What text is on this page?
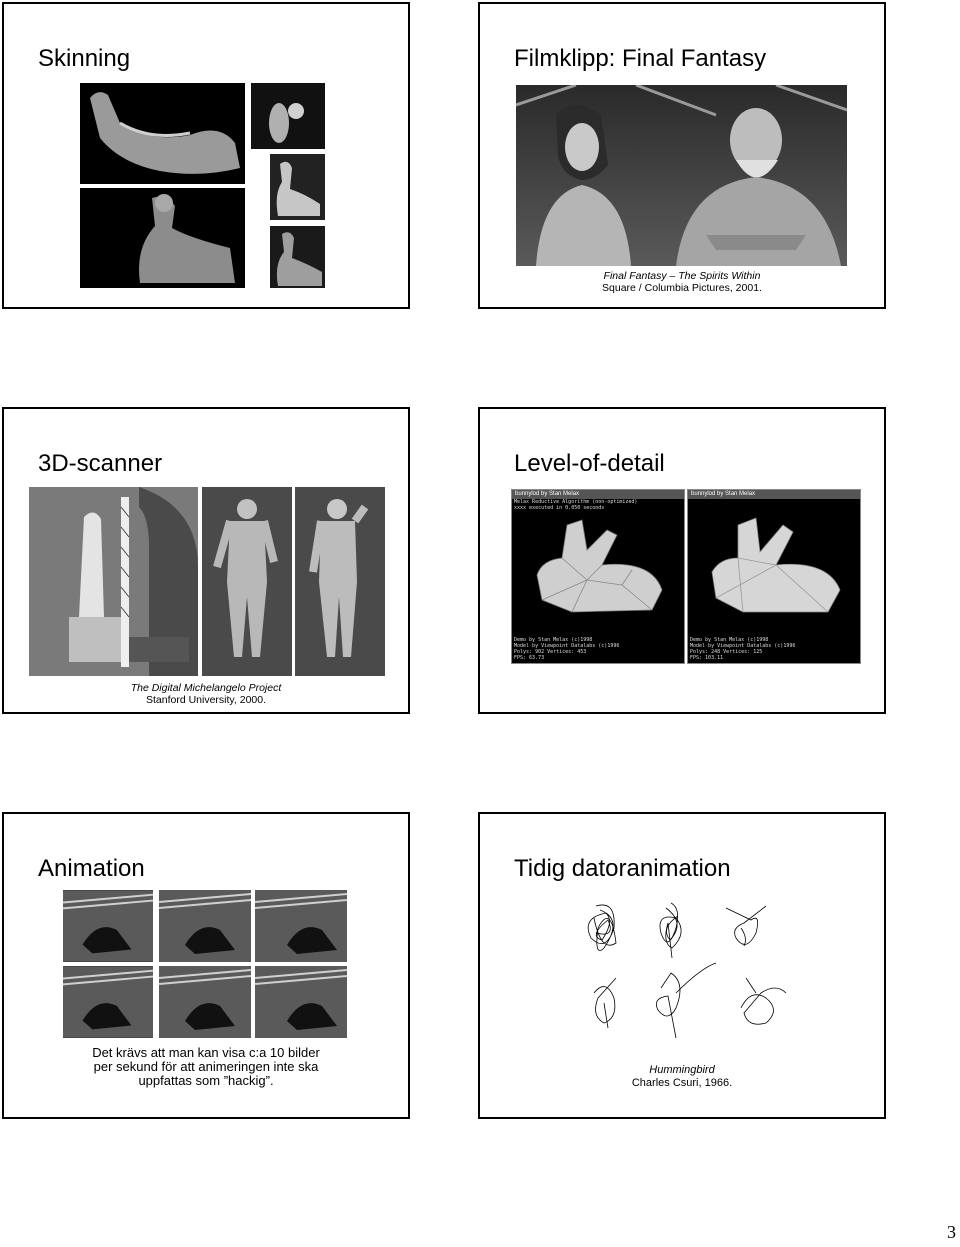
Skinning	Filmklipp: Final Fantasy
Final Fantasy – The Spirits Within
Square / Columbia Pictures, 2001.
3D-scanner
The Digital Michelangelo Project
Stanford University, 2000.
Level-of-detail
bunnylod by Stan Melax
Melax Reductive Algorithm (non-optimized)
xxxx executed in 0.050 seconds
Demo by Stan Melax (c)1998
Model by Viewpoint Datalabs (c)1996
Polys: 902 Vertices: 453
FPS: 63.73
bunnylod by Stan Melax
Demo by Stan Melax (c)1998
Model by Viewpoint Datalabs (c)1996
Polys: 248 Vertices: 125
FPS: 103.11
Animation
Det krävs att man kan visa c:a 10 bilder
per sekund för att animeringen inte ska
uppfattas som ”hackig”.
Tidig datoranimation
Hummingbird
Charles Csuri, 1966.
3
